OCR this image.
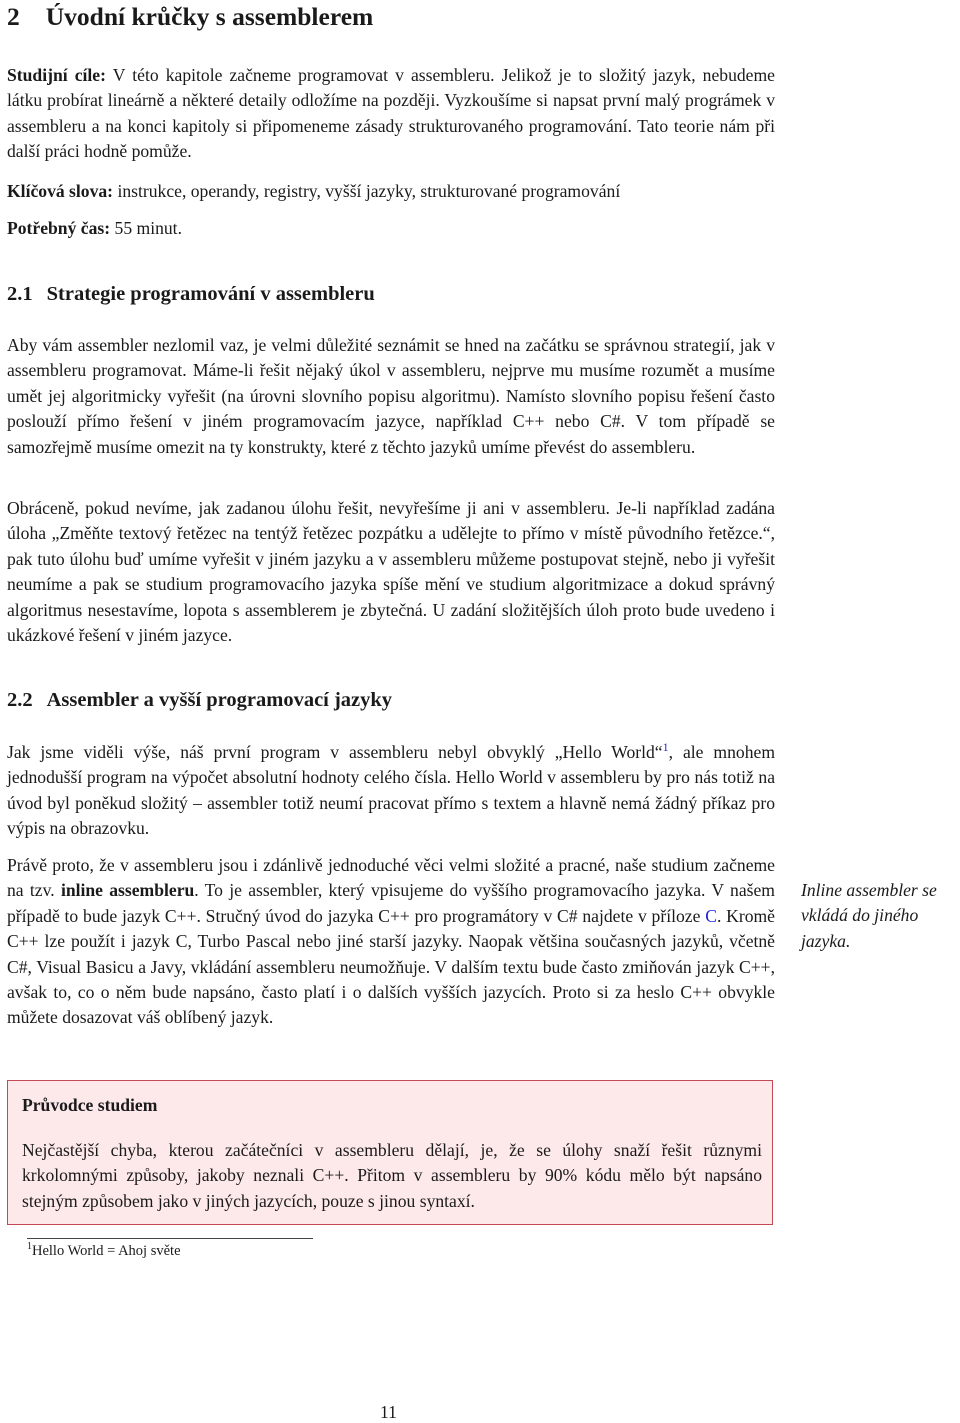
2 Úvodní krůčky s assemblerem

Studijní cíle: V této kapitole začneme programovat v assembleru. Jelikož je to složitý jazyk, nebudeme látku probírat lineárně a některé detaily odložíme na později. Vyzkoušíme si napsat první malý prográmek v assembleru a na konci kapitoly si připomeneme zásady strukturovaného programování. Tato teorie nám při další práci hodně pomůže.

Klíčová slova: instrukce, operandy, registry, vyšší jazyky, strukturované programování

Potřebný čas: 55 minut.

2.1 Strategie programování v assembleru

Aby vám assembler nezlomil vaz, je velmi důležité seznámit se hned na začátku se správnou strategií, jak v assembleru programovat. Máme-li řešit nějaký úkol v assembleru, nejprve mu musíme rozumět a musíme umět jej algoritmicky vyřešit (na úrovni slovního popisu algoritmu). Namísto slovního popisu řešení často poslouží přímo řešení v jiném programovacím jazyce, například C++ nebo C#. V tom případě se samozřejmě musíme omezit na ty konstrukty, které z těchto jazyků umíme převést do assembleru.

Obráceně, pokud nevíme, jak zadanou úlohu řešit, nevyřešíme ji ani v assembleru. Je-li například zadána úloha „Změňte textový řetězec na tentýž řetězec pozpátku a udělejte to přímo v místě původního řetězce.“, pak tuto úlohu buď umíme vyřešit v jiném jazyku a v assembleru můžeme postupovat stejně, nebo ji vyřešit neumíme a pak se studium programovacího jazyka spíše mění ve studium algoritmizace a dokud správný algoritmus nesestavíme, lopota s assemblerem je zbytečná. U zadání složitějších úloh proto bude uvedeno i ukázkové řešení v jiném jazyce.

2.2 Assembler a vyšší programovací jazyky

Jak jsme viděli výše, náš první program v assembleru nebyl obvyklý „Hello World“$^1$, ale mnohem jednodušší program na výpočet absolutní hodnoty celého čísla. Hello World v assembleru by pro nás totiž na úvod byl poněkud složitý – assembler totiž neumí pracovat přímo s textem a hlavně nemá žádný příkaz pro výpis na obrazovku.

Právě proto, že v assembleru jsou i zdánlivě jednoduché věci velmi složité a pracné, naše studium začneme na tzv. inline assembleru. To je assembler, který vpisujeme do vyššího programovacího jazyka. V našem případě to bude jazyk C++. Stručný úvod do jazyka C++ pro programátory v C# najdete v příloze C. Kromě C++ lze použít i jazyk C, Turbo Pascal nebo jiné starší jazyky. Naopak většina současných jazyků, včetně C#, Visual Basicu a Javy, vkládání assembleru neumožňuje. V dalším textu bude často zmiňován jazyk C++, avšak to, co o něm bude napsáno, často platí i o dalších vyšších jazycích. Proto si za heslo C++ obvykle můžete dosazovat váš oblíbený jazyk.

Inline assembler se vkládá do jiného jazyka.

Průvodce studiem

Nejčastější chyba, kterou začátečníci v assembleru dělají, je, že se úlohy snaží řešit různymi krkolomnými způsoby, jakoby neznali C++. Přitom v assembleru by 90% kódu mělo být napsáno stejným způsobem jako v jiných jazycích, pouze s jinou syntaxí.

$^1$Hello World = Ahoj světe
11
